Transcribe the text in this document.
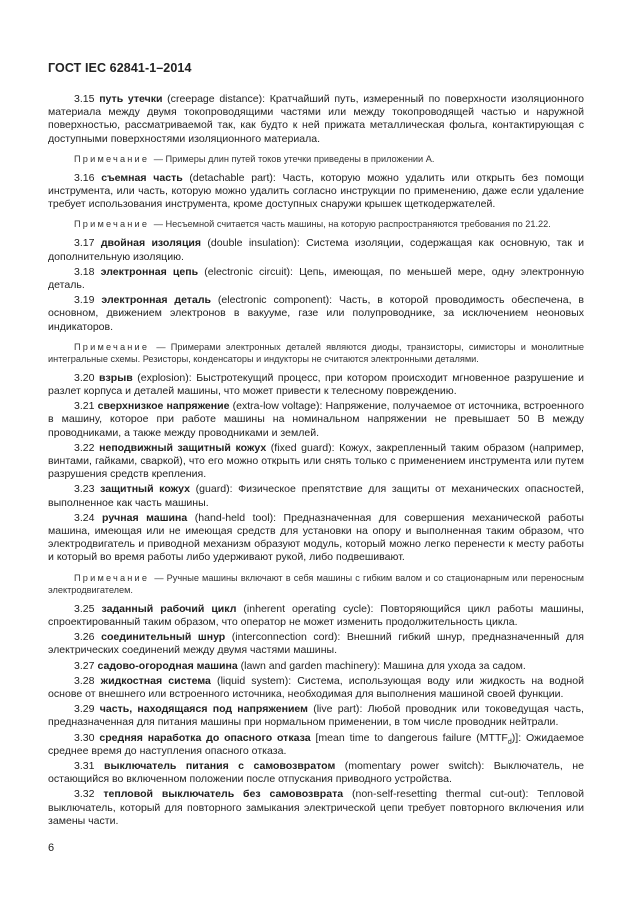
ГОСТ IEC 62841-1–2014

3.15 путь утечки (creepage distance): Кратчайший путь, измеренный по поверхности изоляционного материала между двумя токопроводящими частями или между токопроводящей частью и наружной поверхностью, рассматриваемой так, как будто к ней прижата металлическая фольга, контактирующая с доступными поверхностями изоляционного материала.

Примечание — Примеры длин путей токов утечки приведены в приложении А.

3.16 съемная часть (detachable part): Часть, которую можно удалить или открыть без помощи инструмента, или часть, которую можно удалить согласно инструкции по применению, даже если удаление требует использования инструмента, кроме доступных снаружи крышек щеткодержателей.

Примечание — Несъемной считается часть машины, на которую распространяются требования по 21.22.

3.17 двойная изоляция (double insulation): Система изоляции, содержащая как основную, так и дополнительную изоляцию.

3.18 электронная цепь (electronic circuit): Цепь, имеющая, по меньшей мере, одну электронную деталь.

3.19 электронная деталь (electronic component): Часть, в которой проводимость обеспечена, в основном, движением электронов в вакууме, газе или полупроводнике, за исключением неоновых индикаторов.

Примечание — Примерами электронных деталей являются диоды, транзисторы, симисторы и монолитные интегральные схемы. Резисторы, конденсаторы и индукторы не считаются электронными деталями.

3.20 взрыв (explosion): Быстротекущий процесс, при котором происходит мгновенное разрушение и разлет корпуса и деталей машины, что может привести к телесному повреждению.

3.21 сверхнизкое напряжение (extra-low voltage): Напряжение, получаемое от источника, встроенного в машину, которое при работе машины на номинальном напряжении не превышает 50 В между проводниками, а также между проводниками и землей.

3.22 неподвижный защитный кожух (fixed guard): Кожух, закрепленный таким образом (например, винтами, гайками, сваркой), что его можно открыть или снять только с применением инструмента или путем разрушения средств крепления.

3.23 защитный кожух (guard): Физическое препятствие для защиты от механических опасностей, выполненное как часть машины.

3.24 ручная машина (hand-held tool): Предназначенная для совершения механической работы машина, имеющая или не имеющая средств для установки на опору и выполненная таким образом, что электродвигатель и приводной механизм образуют модуль, который можно легко перенести к месту работы и который во время работы либо удерживают рукой, либо подвешивают.

Примечание — Ручные машины включают в себя машины с гибким валом и со стационарным или переносным электродвигателем.

3.25 заданный рабочий цикл (inherent operating cycle): Повторяющийся цикл работы машины, спроектированный таким образом, что оператор не может изменить продолжительность цикла.

3.26 соединительный шнур (interconnection cord): Внешний гибкий шнур, предназначенный для электрических соединений между двумя частями машины.

3.27 садово-огородная машина (lawn and garden machinery): Машина для ухода за садом.

3.28 жидкостная система (liquid system): Система, использующая воду или жидкость на водной основе от внешнего или встроенного источника, необходимая для выполнения машиной своей функции.

3.29 часть, находящаяся под напряжением (live part): Любой проводник или токоведущая часть, предназначенная для питания машины при нормальном применении, в том числе проводник нейтрали.

3.30 средняя наработка до опасного отказа [mean time to dangerous failure $(MTTF_d)$]: Ожидаемое среднее время до наступления опасного отказа.

3.31 выключатель питания с самовозвратом (momentary power switch): Выключатель, не остающийся во включенном положении после отпускания приводного устройства.

3.32 тепловой выключатель без самовозврата (non-self-resetting thermal cut-out): Тепловой выключатель, который для повторного замыкания электрической цепи требует повторного включения или замены части.

6
